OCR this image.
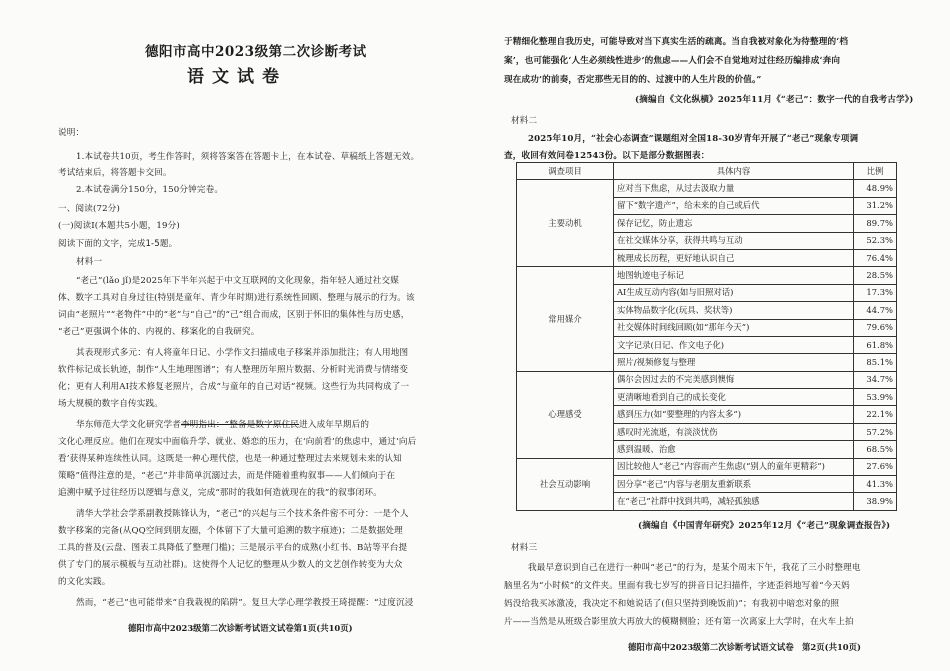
德阳市高中2023级第二次诊断考试
语文试卷
说明：
1.本试卷共10页，考生作答时，须将答案答在答题卡上，在本试卷、草稿纸上答题无效。
考试结束后，将答题卡交回。
2.本试卷满分150分，150分钟完卷。
一、阅读(72分)
(一)阅读Ⅰ(本题共5小题，19分)
阅读下面的文字，完成1-5题。
材料一
“老己”(lǎo jǐ)是2025年下半年兴起于中文互联网的文化现象，指年轻人通过社交媒
体、数字工具对自身过往(特别是童年、青少年时期)进行系统性回顾、整理与展示的行为。该
词由“老照片”“老物件”中的“老”与“自己”的“己”组合而成，区别于怀旧的集体性与历史感，
“老己”更强调个体的、内视的、移案化的自我研究。
其表现形式多元：有人将童年日记、小学作文扫描成电子移案并添加批注；有人用地图
软件标记成长轨迹，制作“人生地理图谱”；有人整理历年照片数据、分析时光消费与情绪变
化；更有人利用AI技术修复老照片，合成“与童年的自己对话”视频。这些行为共同构成了一
场大规模的数字自传实践。
华东师范大学文化研究学者李明指出：“整备是数字原住民进入成年早期后的
文化心理反应。他们在现实中面临升学、就业、婚恋的压力，在‘向前看’的焦虑中，通过‘向后
看’获得某种连续性认同。这既是一种心理代偿，也是一种通过整理过去来规划未来的认知
策略”值得注意的是，“老己”并非简单沉溺过去，而是伴随着重构叙事——人们倾向于在
追溯中赋予过往经历以逻辑与意义，完成“那时的我如何造就现在的我”的叙事闭环。
清华大学社会学系副教授陈锋认为，“老己”的兴起与三个技术条件密不可分：一是个人
数字移案的完备(从QQ空间到朋友圈，个体留下了大量可追溯的数字痕迹)；二是数据处理
工具的普及(云盘、图表工具降低了整理门槛)；三是展示平台的成熟(小红书、B站等平台提
供了专门的展示模板与互动社群)。这使得个人记忆的整理从少数人的文艺创作转变为大众
的文化实践。
然而，“老己”也可能带来“自我栽视的陷阱”。复旦大学心理学教授王琦提醒：“过度沉浸
德阳市高中2023级第二次诊断考试语文试卷第1页(共10页)
于精细化整理自我历史，可能导致对当下真实生活的疏离。当自我被对象化为待整理的‘档
案’，也可能强化‘人生必须线性进步’的焦虑——人们会不自觉地对过往经历编排成‘奔向
现在成功’的前奏，否定那些无目的的、过渡中的人生片段的价值。”
(摘编自《文化纵横》2025年11月《“老己”：数字一代的自我考古学》)
材料二
2025年10月，“社会心态调查”课题组对全国18-30岁青年开展了“老己”现象专项调
查，收回有效问卷12543份。以下是部分数据图表：
调查项目	具体内容	比例
主要动机	应对当下焦虑，从过去汲取力量	48.9%
	留下“数字遗产”，给未来的自己或后代	31.2%
	保存记忆，防止遗忘	89.7%
	在社交媒体分享，获得共鸣与互动	52.3%
	梳理成长历程，更好地认识自己	76.4%
常用媒介	地图轨迹电子标记	28.5%
	AI生成互动内容(如与旧照对话)	17.3%
	实体物品数字化(玩具、奖状等)	44.7%
	社交媒体时间线回顾(如“那年今天”)	79.6%
	文字记录(日记、作文电子化)	61.8%
	照片/视频修复与整理	85.1%
心理感受	偶尔会因过去的不完美感到懊悔	34.7%
	更清晰地看到自己的成长变化	53.9%
	感到压力(如“要整理的内容太多”)	22.1%
	感叹时光流逝，有淡淡忧伤	57.2%
	感到温暖、治愈	68.5%
社会互动影响	因比较他人“老己”内容而产生焦虑(“别人的童年更精彩”)	27.6%
	因分享“老己”内容与老朋友重新联系	41.3%
	在“老己”社群中找到共鸣，减轻孤独感	38.9%
(摘编自《中国青年研究》2025年12月《“老己”现象调查报告》)
材料三
我最早意识到自己在进行一种叫“老己”的行为，是某个周末下午，我花了三小时整理电
脑里名为“小时候”的文件夹。里面有我七岁写的拼音日记扫描件，字迹歪斜地写着“今天妈
妈没给我买冰激凌，我决定不和她说话了(但只坚持到晚饭前)”；有我初中暗恋对象的照
片——当然是从班级合影里放大再放大的模糊侧脸；还有第一次离家上大学时，在火车上拍
德阳市高中2023级第二次诊断考试语文试卷　第2页(共10页)
